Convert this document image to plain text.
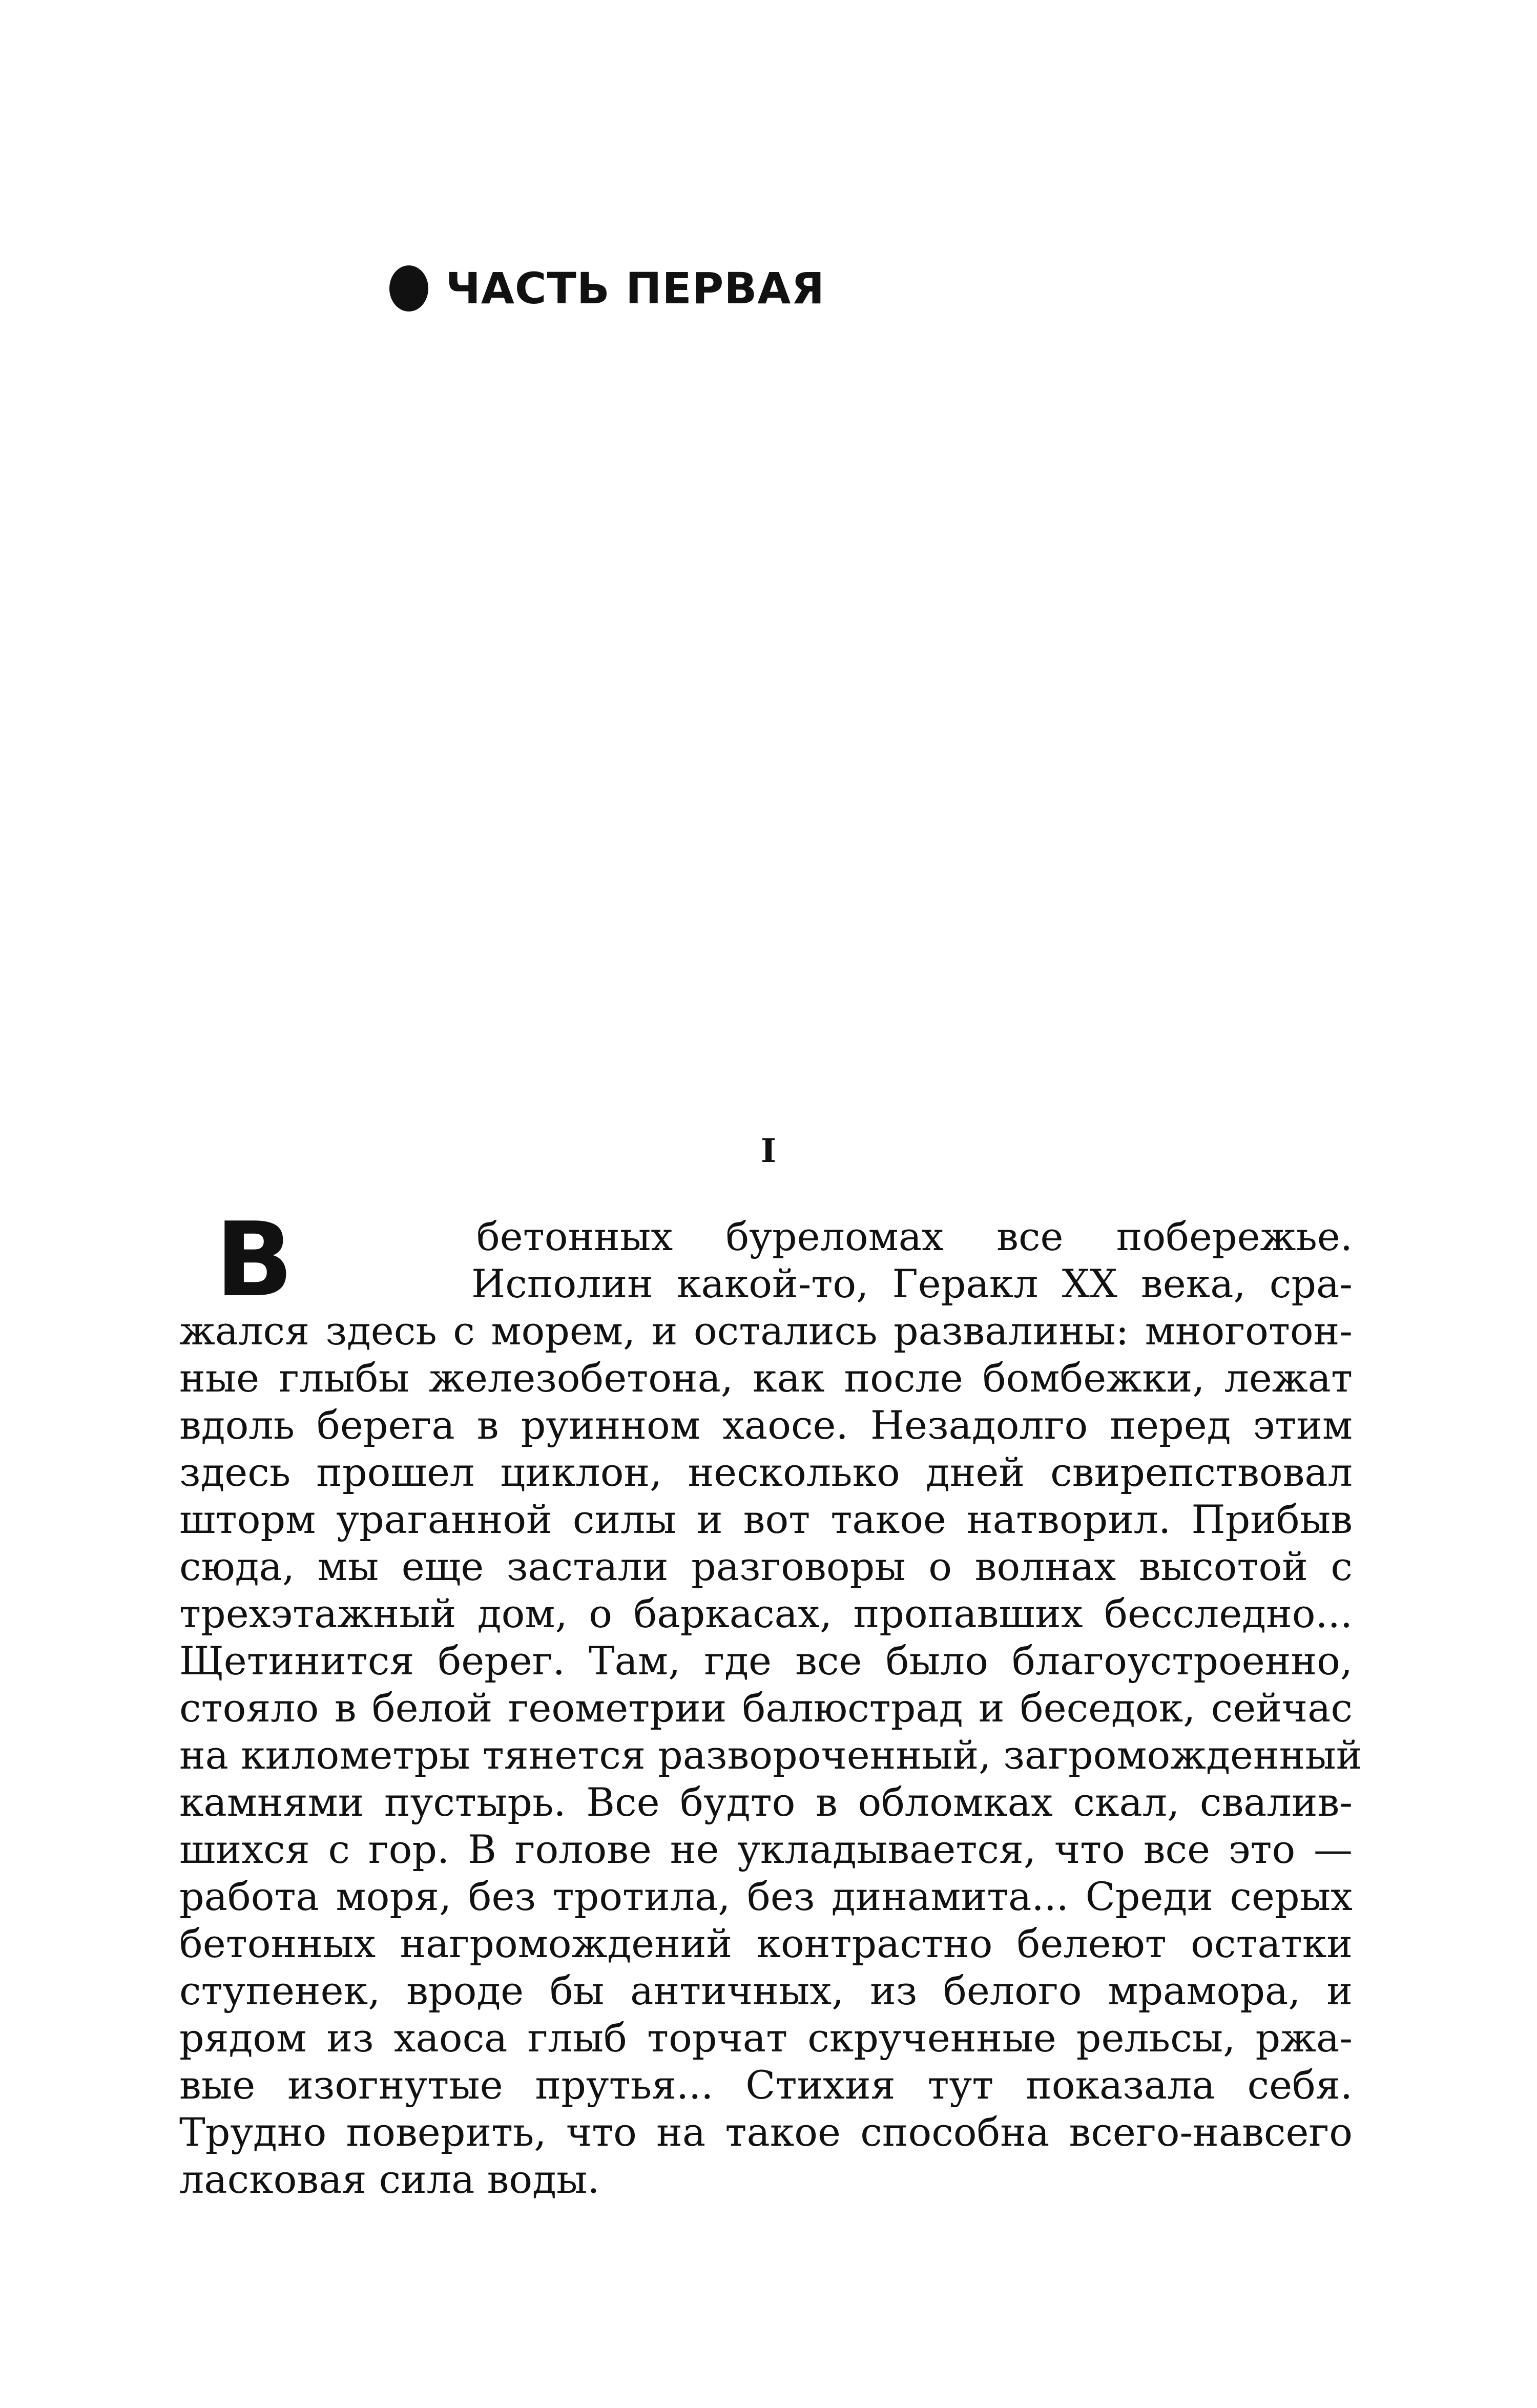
ЧАСТЬ ПЕРВАЯ
I
В	бетонных буреломах все побережье.
Исполин какой-то, Геракл XX века, сра-
жался здесь с морем, и остались развалины: многотон-
ные глыбы железобетона, как после бомбежки, лежат
вдоль берега в руинном хаосе. Незадолго перед этим
здесь прошел циклон, несколько дней свирепствовал
шторм ураганной силы и вот такое натворил. Прибыв
сюда, мы еще застали разговоры о волнах высотой с
трехэтажный дом, о баркасах, пропавших бесследно...
Щетинится берег. Там, где все было благоустроенно,
стояло в белой геометрии балюстрад и беседок, сейчас
на километры тянется развороченный, загроможденный
камнями пустырь. Все будто в обломках скал, свалив-
шихся с гор. В голове не укладывается, что все это —
работа моря, без тротила, без динамита... Среди серых
бетонных нагромождений контрастно белеют остатки
ступенек, вроде бы античных, из белого мрамора, и
рядом из хаоса глыб торчат скрученные рельсы, ржа-
вые изогнутые прутья... Стихия тут показала себя.
Трудно поверить, что на такое способна всего-навсего
ласковая сила воды.
